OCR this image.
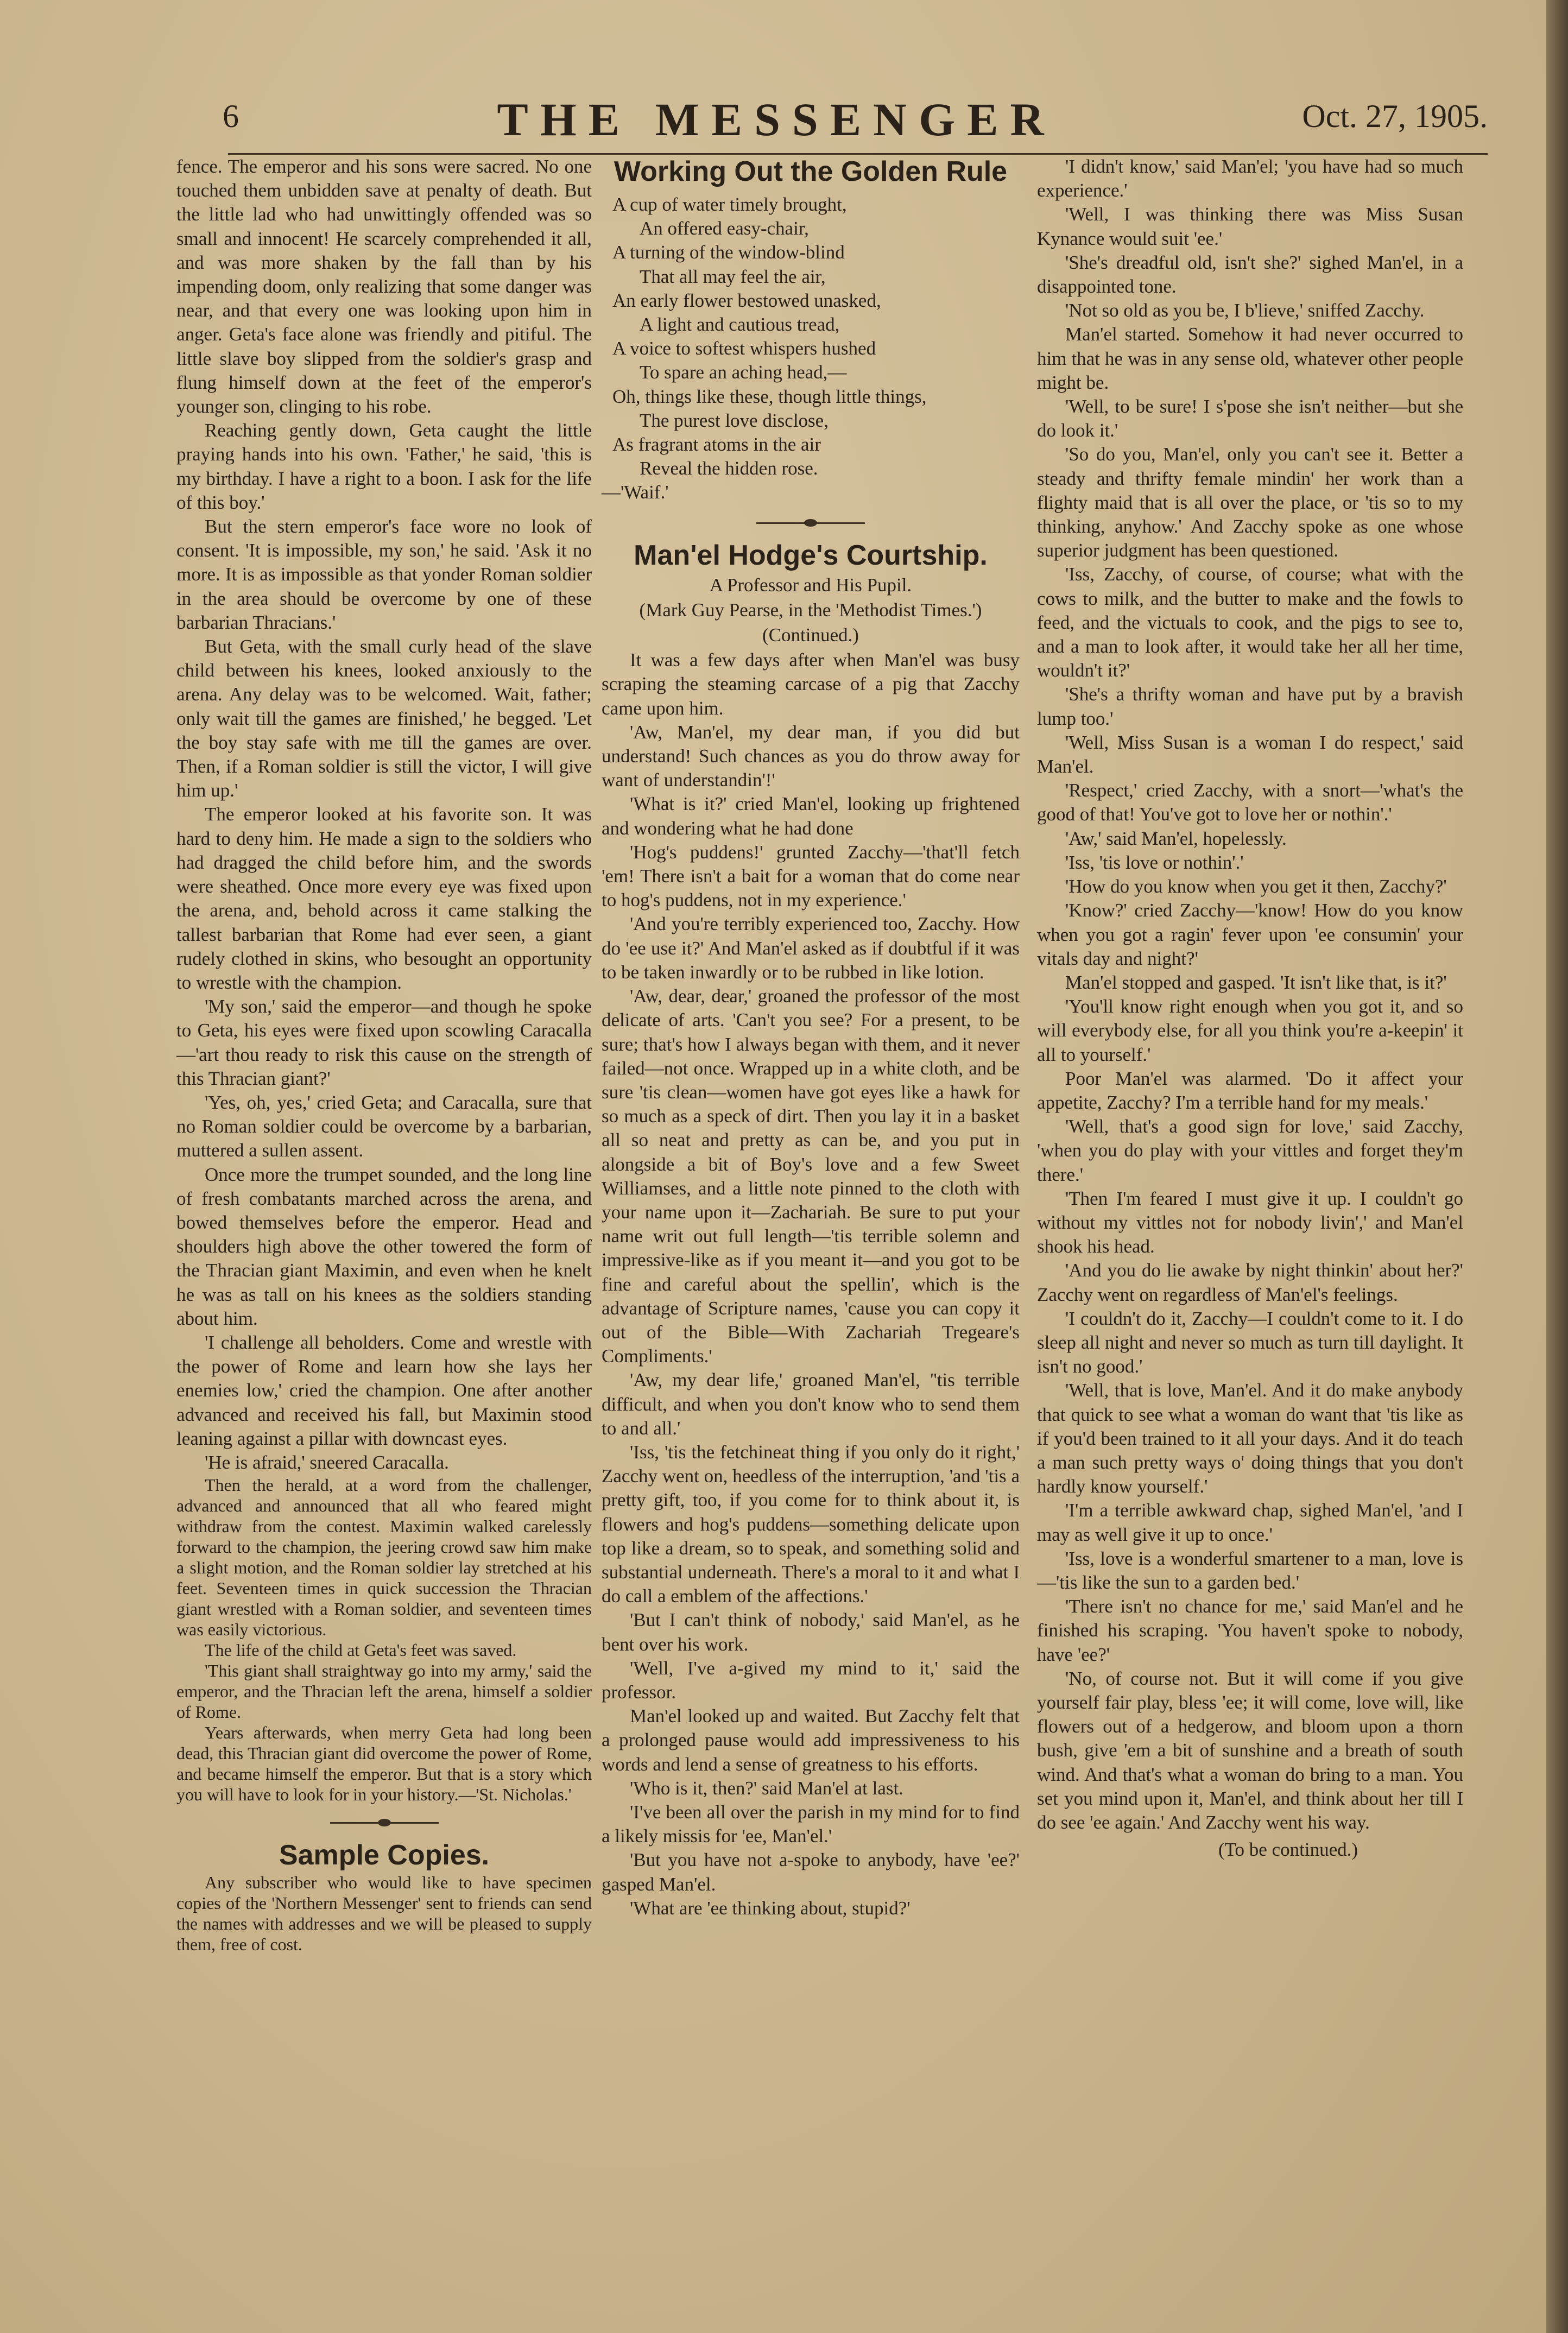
6	THE MESSENGER	Oct. 27, 1905.

fence. The emperor and his sons were sacred. No one touched them unbidden save at penalty of death. But the little lad who had unwittingly offended was so small and innocent! He scarcely comprehended it all, and was more shaken by the fall than by his impending doom, only realizing that some danger was near, and that every one was looking upon him in anger. Geta's face alone was friendly and pitiful. The little slave boy slipped from the soldier's grasp and flung himself down at the feet of the emperor's younger son, clinging to his robe.

Reaching gently down, Geta caught the little praying hands into his own. 'Father,' he said, 'this is my birthday. I have a right to a boon. I ask for the life of this boy.'

But the stern emperor's face wore no look of consent. 'It is impossible, my son,' he said. 'Ask it no more. It is as impossible as that yonder Roman soldier in the area should be overcome by one of these barbarian Thracians.'

But Geta, with the small curly head of the slave child between his knees, looked anxiously to the arena. Any delay was to be welcomed. Wait, father; only wait till the games are finished,' he begged. 'Let the boy stay safe with me till the games are over. Then, if a Roman soldier is still the victor, I will give him up.'

The emperor looked at his favorite son. It was hard to deny him. He made a sign to the soldiers who had dragged the child before him, and the swords were sheathed. Once more every eye was fixed upon the arena, and, behold across it came stalking the tallest barbarian that Rome had ever seen, a giant rudely clothed in skins, who besought an opportunity to wrestle with the champion.

'My son,' said the emperor—and though he spoke to Geta, his eyes were fixed upon scowling Caracalla—'art thou ready to risk this cause on the strength of this Thracian giant?'

'Yes, oh, yes,' cried Geta; and Caracalla, sure that no Roman soldier could be overcome by a barbarian, muttered a sullen assent.

Once more the trumpet sounded, and the long line of fresh combatants marched across the arena, and bowed themselves before the emperor. Head and shoulders high above the other towered the form of the Thracian giant Maximin, and even when he knelt he was as tall on his knees as the soldiers standing about him.

'I challenge all beholders. Come and wrestle with the power of Rome and learn how she lays her enemies low,' cried the champion. One after another advanced and received his fall, but Maximin stood leaning against a pillar with downcast eyes.

'He is afraid,' sneered Caracalla.

Then the herald, at a word from the challenger, advanced and announced that all who feared might withdraw from the contest. Maximin walked carelessly forward to the champion, the jeering crowd saw him make a slight motion, and the Roman soldier lay stretched at his feet. Seventeen times in quick succession the Thracian giant wrestled with a Roman soldier, and seventeen times was easily victorious.

The life of the child at Geta's feet was saved.

'This giant shall straightway go into my army,' said the emperor, and the Thracian left the arena, himself a soldier of Rome.

Years afterwards, when merry Geta had long been dead, this Thracian giant did overcome the power of Rome, and became himself the emperor. But that is a story which you will have to look for in your history.—'St. Nicholas.'

Sample Copies.

Any subscriber who would like to have specimen copies of the 'Northern Messenger' sent to friends can send the names with addresses and we will be pleased to supply them, free of cost.

Working Out the Golden Rule
A cup of water timely brought,
An offered easy-chair,
A turning of the window-blind
That all may feel the air,
An early flower bestowed unasked,
A light and cautious tread,
A voice to softest whispers hushed
To spare an aching head,—
Oh, things like these, though little things,
The purest love disclose,
As fragrant atoms in the air
Reveal the hidden rose.
—'Waif.'
Man'el Hodge's Courtship.
A Professor and His Pupil.
(Mark Guy Pearse, in the 'Methodist Times.')
(Continued.)

It was a few days after when Man'el was busy scraping the steaming carcase of a pig that Zacchy came upon him.

'Aw, Man'el, my dear man, if you did but understand! Such chances as you do throw away for want of understandin'!'

'What is it?' cried Man'el, looking up frightened and wondering what he had done

'Hog's puddens!' grunted Zacchy—'that'll fetch 'em! There isn't a bait for a woman that do come near to hog's puddens, not in my experience.'

'And you're terribly experienced too, Zacchy. How do 'ee use it?' And Man'el asked as if doubtful if it was to be taken inwardly or to be rubbed in like lotion.

'Aw, dear, dear,' groaned the professor of the most delicate of arts. 'Can't you see? For a present, to be sure; that's how I always began with them, and it never failed—not once. Wrapped up in a white cloth, and be sure 'tis clean—women have got eyes like a hawk for so much as a speck of dirt. Then you lay it in a basket all so neat and pretty as can be, and you put in alongside a bit of Boy's love and a few Sweet Williamses, and a little note pinned to the cloth with your name upon it—Zachariah. Be sure to put your name writ out full length—'tis terrible solemn and impressive-like as if you meant it—and you got to be fine and careful about the spellin', which is the advantage of Scripture names, 'cause you can copy it out of the Bible—With Zachariah Tregeare's Compliments.'

'Aw, my dear life,' groaned Man'el, ''tis terrible difficult, and when you don't know who to send them to and all.'

'Iss, 'tis the fetchineat thing if you only do it right,' Zacchy went on, heedless of the interruption, 'and 'tis a pretty gift, too, if you come for to think about it, is flowers and hog's puddens—something delicate upon top like a dream, so to speak, and something solid and substantial underneath. There's a moral to it and what I do call a emblem of the affections.'

'But I can't think of nobody,' said Man'el, as he bent over his work.

'Well, I've a-gived my mind to it,' said the professor.

Man'el looked up and waited. But Zacchy felt that a prolonged pause would add impressiveness to his words and lend a sense of greatness to his efforts.

'Who is it, then?' said Man'el at last.

'I've been all over the parish in my mind for to find a likely missis for 'ee, Man'el.'

'But you have not a-spoke to anybody, have 'ee?' gasped Man'el.

'What are 'ee thinking about, stupid?'

'I didn't know,' said Man'el; 'you have had so much experience.'

'Well, I was thinking there was Miss Susan Kynance would suit 'ee.'

'She's dreadful old, isn't she?' sighed Man'el, in a disappointed tone.

'Not so old as you be, I b'lieve,' sniffed Zacchy.

Man'el started. Somehow it had never occurred to him that he was in any sense old, whatever other people might be.

'Well, to be sure! I s'pose she isn't neither—but she do look it.'

'So do you, Man'el, only you can't see it. Better a steady and thrifty female mindin' her work than a flighty maid that is all over the place, or 'tis so to my thinking, anyhow.' And Zacchy spoke as one whose superior judgment has been questioned.

'Iss, Zacchy, of course, of course; what with the cows to milk, and the butter to make and the fowls to feed, and the victuals to cook, and the pigs to see to, and a man to look after, it would take her all her time, wouldn't it?'

'She's a thrifty woman and have put by a bravish lump too.'

'Well, Miss Susan is a woman I do respect,' said Man'el.

'Respect,' cried Zacchy, with a snort—'what's the good of that! You've got to love her or nothin'.'

'Aw,' said Man'el, hopelessly.

'Iss, 'tis love or nothin'.'

'How do you know when you get it then, Zacchy?'

'Know?' cried Zacchy—'know! How do you know when you got a ragin' fever upon 'ee consumin' your vitals day and night?'

Man'el stopped and gasped. 'It isn't like that, is it?'

'You'll know right enough when you got it, and so will everybody else, for all you think you're a-keepin' it all to yourself.'

Poor Man'el was alarmed. 'Do it affect your appetite, Zacchy? I'm a terrible hand for my meals.'

'Well, that's a good sign for love,' said Zacchy, 'when you do play with your vittles and forget they'm there.'

'Then I'm feared I must give it up. I couldn't go without my vittles not for nobody livin',' and Man'el shook his head.

'And you do lie awake by night thinkin' about her?' Zacchy went on regardless of Man'el's feelings.

'I couldn't do it, Zacchy—I couldn't come to it. I do sleep all night and never so much as turn till daylight. It isn't no good.'

'Well, that is love, Man'el. And it do make anybody that quick to see what a woman do want that 'tis like as if you'd been trained to it all your days. And it do teach a man such pretty ways o' doing things that you don't hardly know yourself.'

'I'm a terrible awkward chap, sighed Man'el, 'and I may as well give it up to once.'

'Iss, love is a wonderful smartener to a man, love is—'tis like the sun to a garden bed.'

'There isn't no chance for me,' said Man'el and he finished his scraping. 'You haven't spoke to nobody, have 'ee?'

'No, of course not. But it will come if you give yourself fair play, bless 'ee; it will come, love will, like flowers out of a hedgerow, and bloom upon a thorn bush, give 'em a bit of sunshine and a breath of south wind. And that's what a woman do bring to a man. You set you mind upon it, Man'el, and think about her till I do see 'ee again.' And Zacchy went his way.

(To be continued.)
